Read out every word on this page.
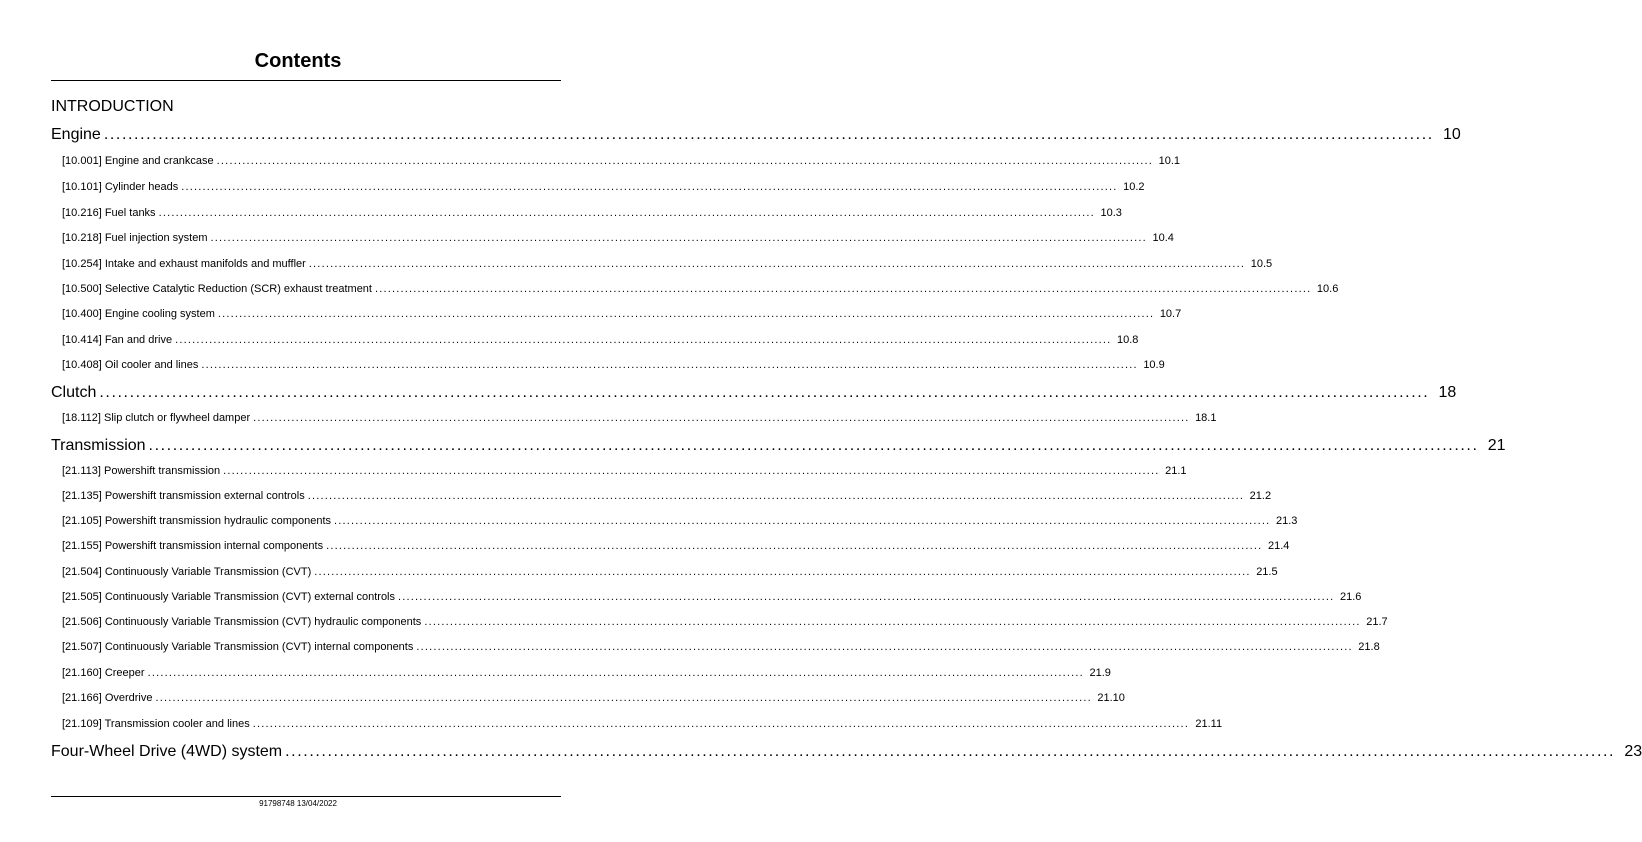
Contents
INTRODUCTION
Engine ............................................................................................................................................................................................................................ 10
[10.001] Engine and crankcase ............................................................................................................................................................................................................................ 10.1
[10.101] Cylinder heads ............................................................................................................................................................................................................................ 10.2
[10.216] Fuel tanks ............................................................................................................................................................................................................................ 10.3
[10.218] Fuel injection system ............................................................................................................................................................................................................................ 10.4
[10.254] Intake and exhaust manifolds and muffler ............................................................................................................................................................................................................................ 10.5
[10.500] Selective Catalytic Reduction (SCR) exhaust treatment ............................................................................................................................................................................................................................ 10.6
[10.400] Engine cooling system ............................................................................................................................................................................................................................ 10.7
[10.414] Fan and drive ............................................................................................................................................................................................................................ 10.8
[10.408] Oil cooler and lines ............................................................................................................................................................................................................................ 10.9
Clutch ............................................................................................................................................................................................................................ 18
[18.112] Slip clutch or flywheel damper ............................................................................................................................................................................................................................ 18.1
Transmission ............................................................................................................................................................................................................................ 21
[21.113] Powershift transmission ............................................................................................................................................................................................................................ 21.1
[21.135] Powershift transmission external controls ............................................................................................................................................................................................................................ 21.2
[21.105] Powershift transmission hydraulic components ............................................................................................................................................................................................................................ 21.3
[21.155] Powershift transmission internal components ............................................................................................................................................................................................................................ 21.4
[21.504] Continuously Variable Transmission (CVT) ............................................................................................................................................................................................................................ 21.5
[21.505] Continuously Variable Transmission (CVT) external controls ............................................................................................................................................................................................................................ 21.6
[21.506] Continuously Variable Transmission (CVT) hydraulic components ............................................................................................................................................................................................................................ 21.7
[21.507] Continuously Variable Transmission (CVT) internal components ............................................................................................................................................................................................................................ 21.8
[21.160] Creeper ............................................................................................................................................................................................................................ 21.9
[21.166] Overdrive ............................................................................................................................................................................................................................ 21.10
[21.109] Transmission cooler and lines ............................................................................................................................................................................................................................ 21.11
Four-Wheel Drive (4WD) system ............................................................................................................................................................................................................................ 23
91798748 13/04/2022
